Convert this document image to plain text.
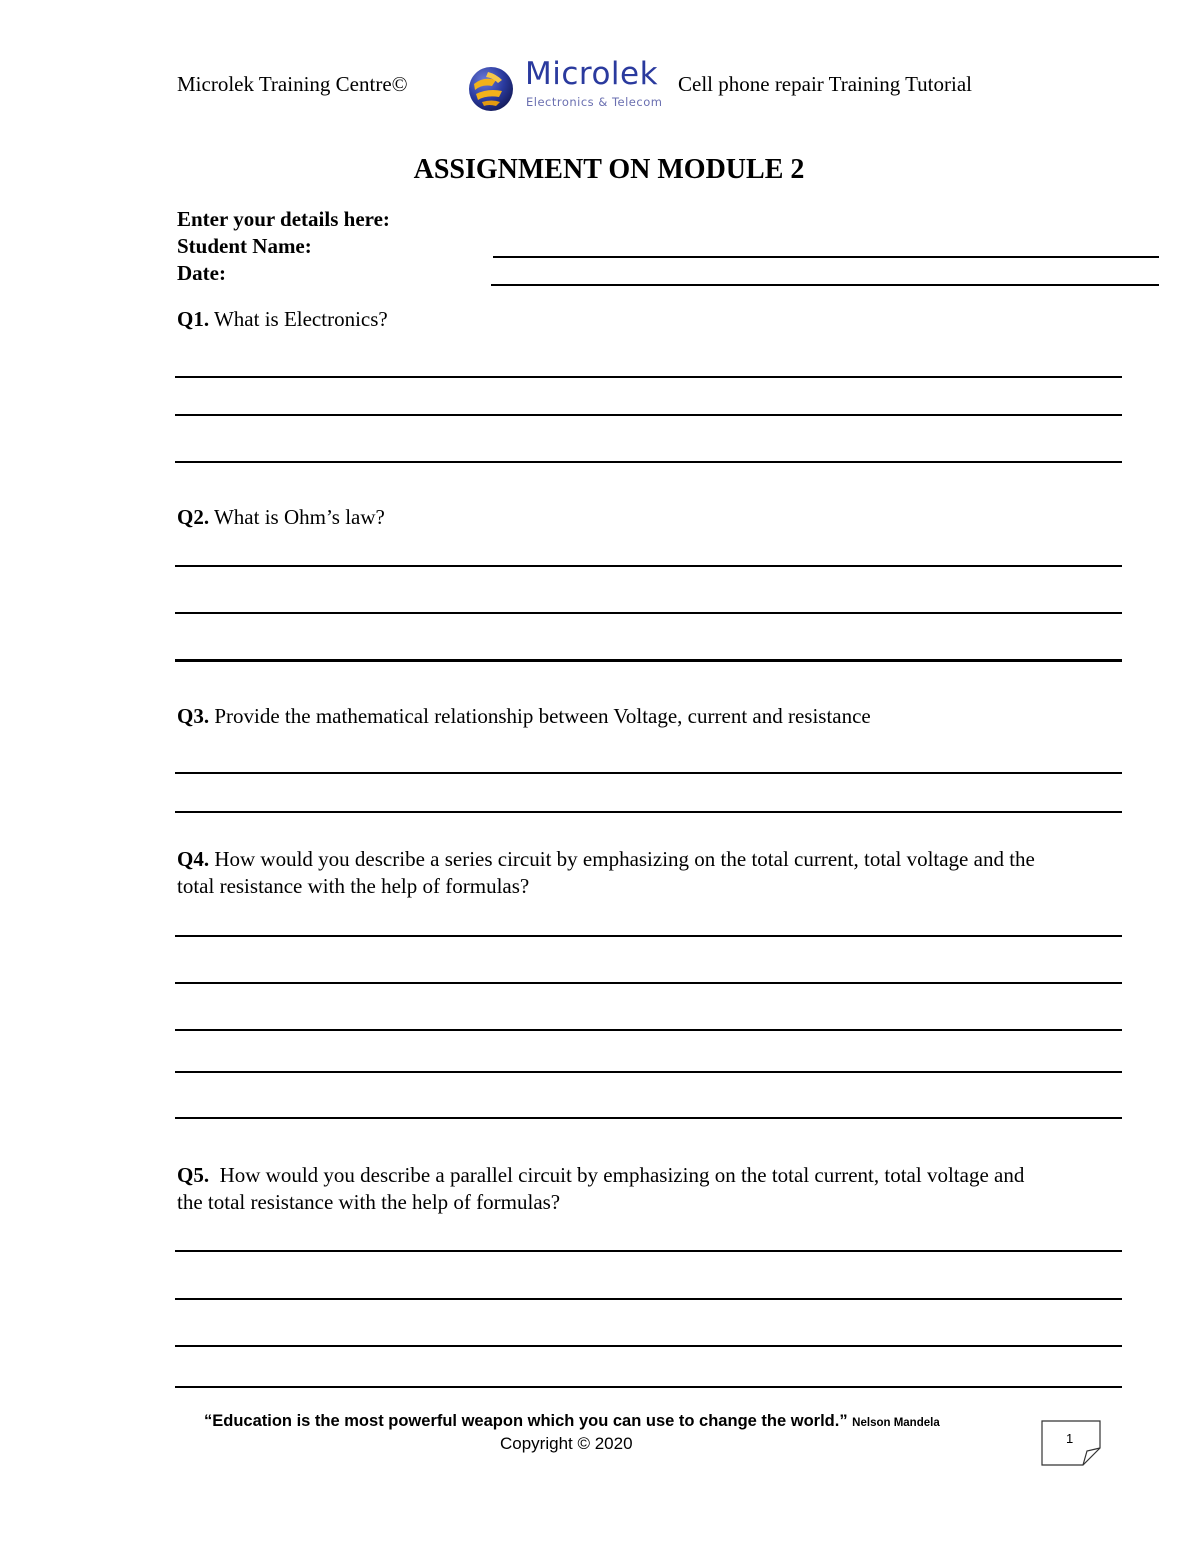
Microlek Training Centre©	Microlek
Electronics & Telecom
Cell phone repair Training Tutorial
ASSIGNMENT ON MODULE 2
Enter your details here:
Student Name:
Date:
Q1. What is Electronics?
Q2. What is Ohm’s law?
Q3. Provide the mathematical relationship between Voltage, current and resistance
Q4. How would you describe a series circuit by emphasizing on the total current, total voltage and the total resistance with the help of formulas?
Q5.  How would you describe a parallel circuit by emphasizing on the total current, total voltage and the total resistance with the help of formulas?
“Education is the most powerful weapon which you can use to change the world.” Nelson Mandela
Copyright © 2020	1
